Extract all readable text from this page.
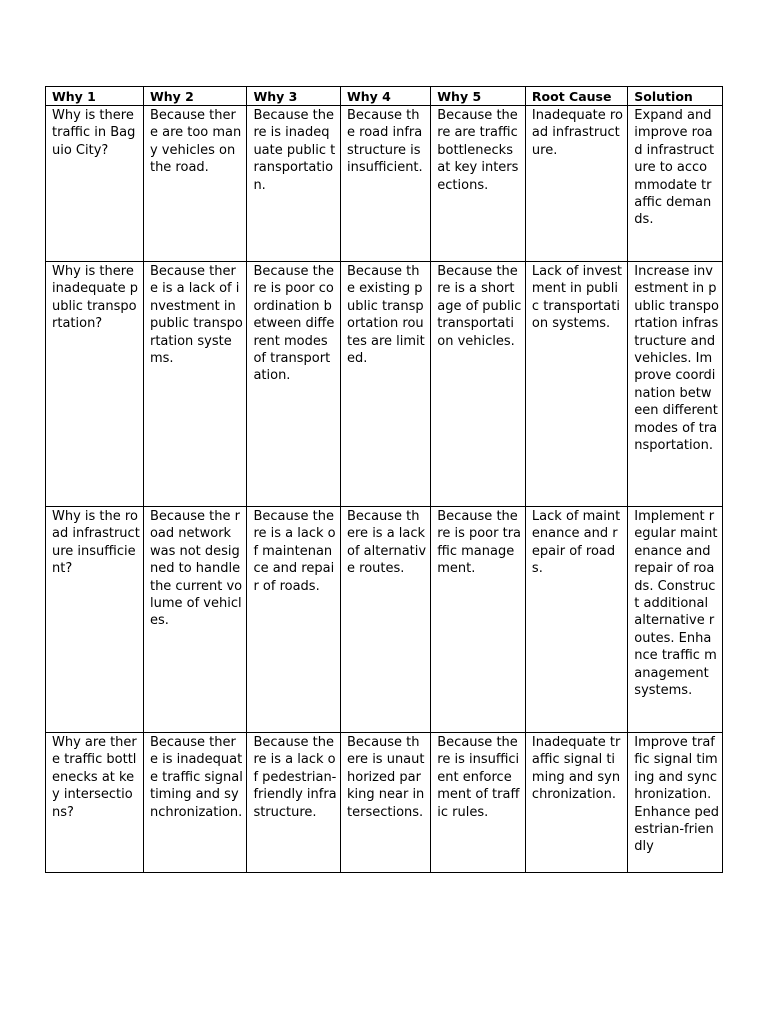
Why 1	Why 2	Why 3	Why 4	Why 5	Root Cause	Solution
Why is there traffic in Baguio City?	Because there are too many vehicles on the road.	Because there is inadequate public transportation.	Because the road infrastructure is insufficient.	Because there are traffic bottlenecks at key intersections.	Inadequate road infrastructure.	Expand and improve road infrastructure to accommodate traffic demands.
Why is there inadequate public transportation?	Because there is a lack of investment in public transportation systems.	Because there is poor coordination between different modes of transportation.	Because the existing public transportation routes are limited.	Because there is a shortage of public transportation vehicles.	Lack of investment in public transportation systems.	Increase investment in public transportation infrastructure and vehicles. Improve coordination between different modes of transportation.
Why is the road infrastructure insufficient?	Because the road network was not designed to handle the current volume of vehicles.	Because there is a lack of maintenance and repair of roads.	Because there is a lack of alternative routes.	Because there is poor traffic management.	Lack of maintenance and repair of roads.	Implement regular maintenance and repair of roads. Construct additional alternative routes. Enhance traffic management systems.
Why are there traffic bottlenecks at key intersections?	Because there is inadequate traffic signal timing and synchronization.	Because there is a lack of pedestrian-friendly infrastructure.	Because there is unauthorized parking near intersections.	Because there is insufficient enforcement of traffic rules.	Inadequate traffic signal timing and synchronization.	Improve traffic signal timing and synchronization. Enhance pedestrian-friendly
